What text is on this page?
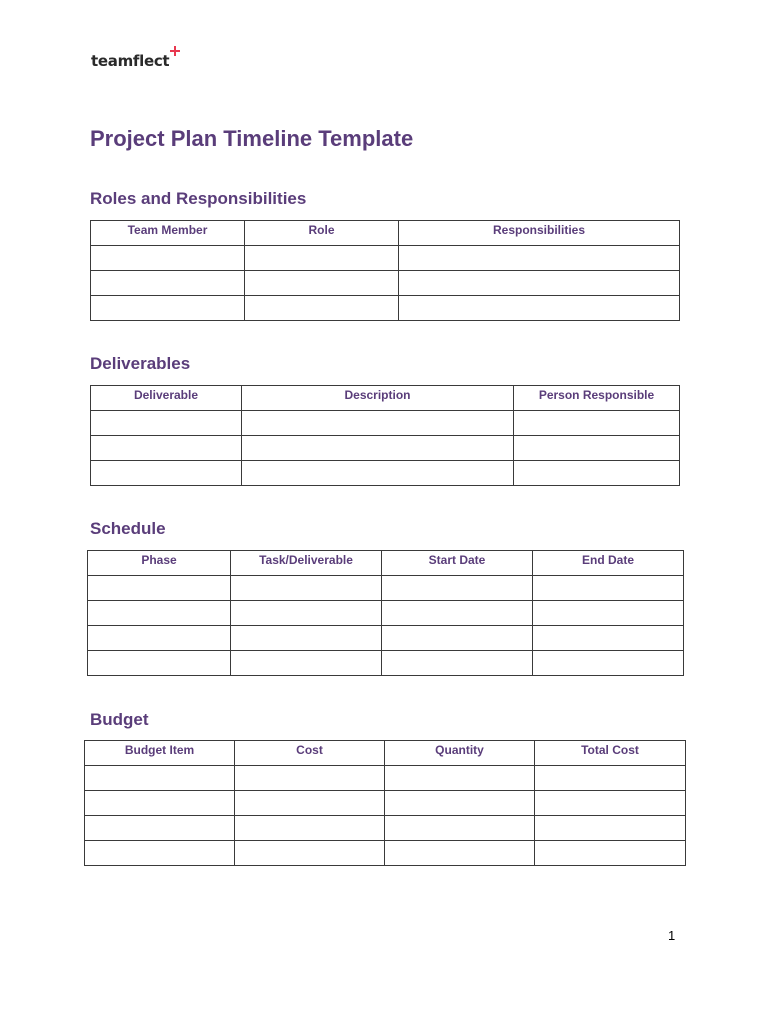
teamflect
Project Plan Timeline Template
Roles and Responsibilities
Team Member	Role	Responsibilities

Deliverables
Deliverable	Description	Person Responsible

Schedule
Phase	Task/Deliverable	Start Date	End Date

Budget
Budget Item	Cost	Quantity	Total Cost

1
